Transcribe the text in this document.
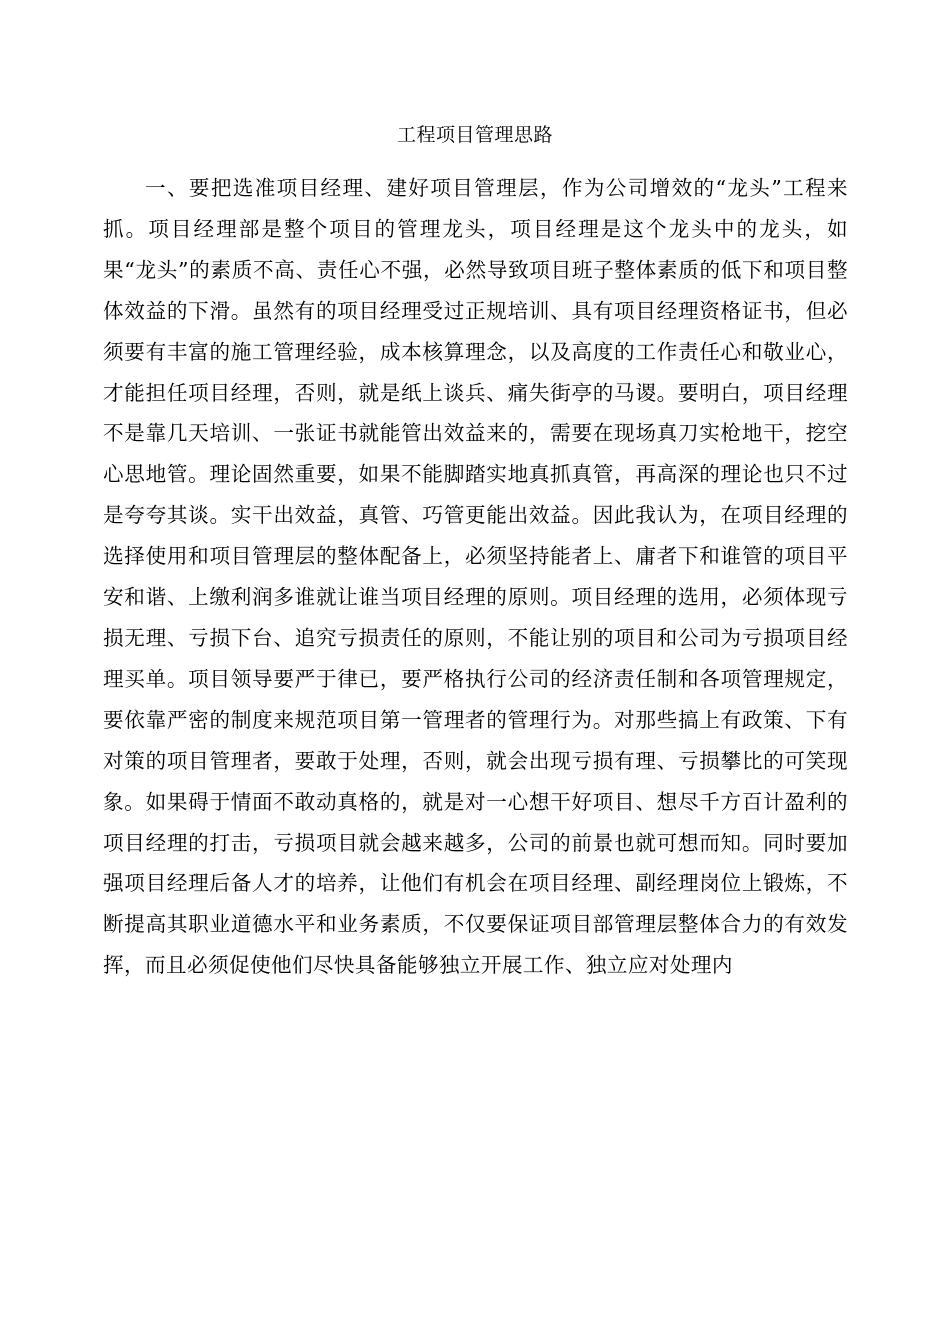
工程项目管理思路

一、要把选准项目经理、建好项目管理层，作为公司增效的“龙头”工程来抓。项目经理部是整个项目的管理龙头，项目经理是这个龙头中的龙头，如果“龙头”的素质不高、责任心不强，必然导致项目班子整体素质的低下和项目整体效益的下滑。虽然有的项目经理受过正规培训、具有项目经理资格证书，但必须要有丰富的施工管理经验，成本核算理念，以及高度的工作责任心和敬业心，才能担任项目经理，否则，就是纸上谈兵、痛失街亭的马谡。要明白，项目经理不是靠几天培训、一张证书就能管出效益来的，需要在现场真刀实枪地干，挖空心思地管。理论固然重要，如果不能脚踏实地真抓真管，再高深的理论也只不过是夸夸其谈。实干出效益，真管、巧管更能出效益。因此我认为，在项目经理的选择使用和项目管理层的整体配备上，必须坚持能者上、庸者下和谁管的项目平安和谐、上缴利润多谁就让谁当项目经理的原则。项目经理的选用，必须体现亏损无理、亏损下台、追究亏损责任的原则，不能让别的项目和公司为亏损项目经理买单。项目领导要严于律已，要严格执行公司的经济责任制和各项管理规定，要依靠严密的制度来规范项目第一管理者的管理行为。对那些搞上有政策、下有对策的项目管理者，要敢于处理，否则，就会出现亏损有理、亏损攀比的可笑现象。如果碍于情面不敢动真格的，就是对一心想干好项目、想尽千方百计盈利的项目经理的打击，亏损项目就会越来越多，公司的前景也就可想而知。同时要加强项目经理后备人才的培养，让他们有机会在项目经理、副经理岗位上锻炼，不断提高其职业道德水平和业务素质，不仅要保证项目部管理层整体合力的有效发挥，而且必须促使他们尽快具备能够独立开展工作、独立应对处理内
